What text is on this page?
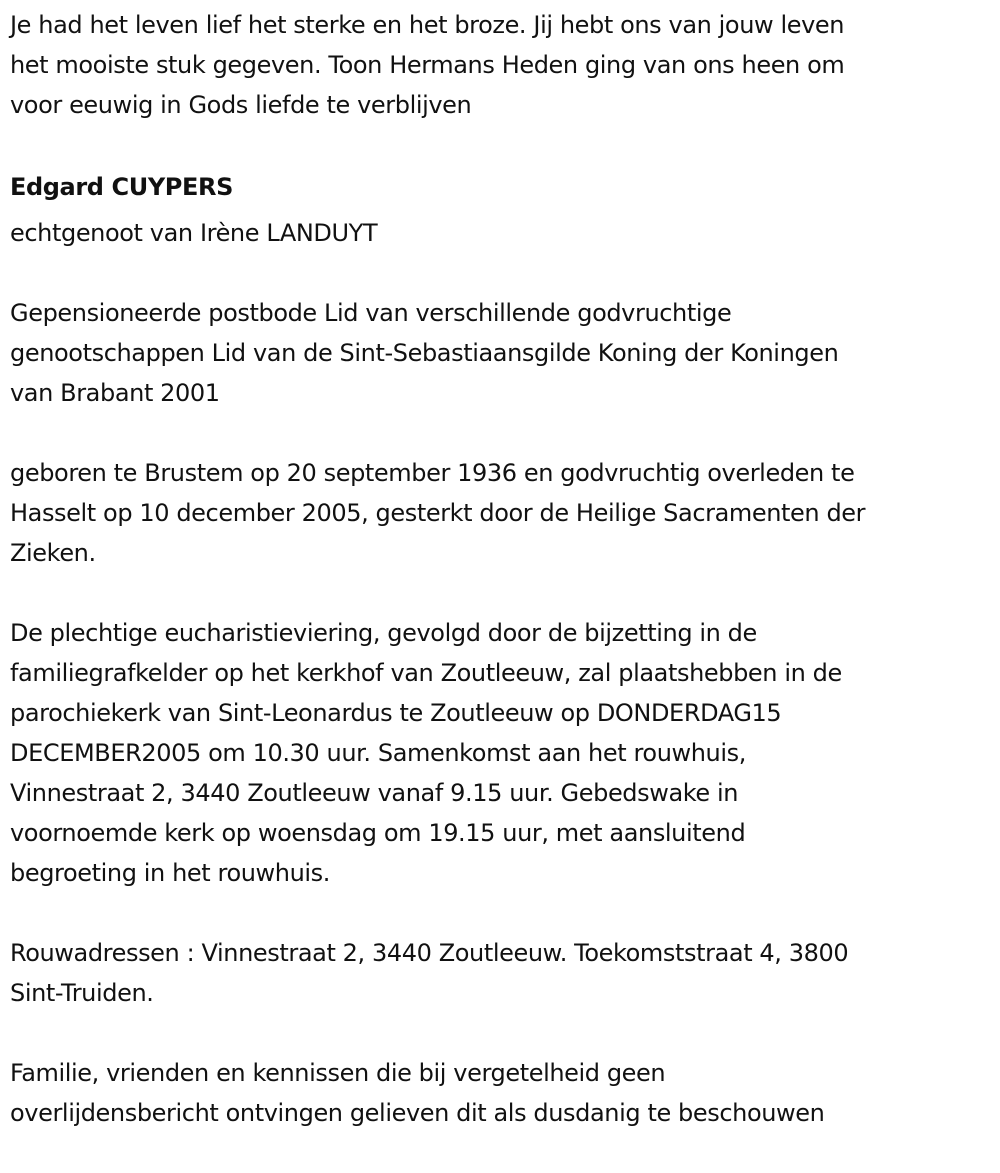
Je had het leven lief het sterke en het broze. Jij hebt ons van jouw leven
het mooiste stuk gegeven. Toon Hermans Heden ging van ons heen om
voor eeuwig in Gods liefde te verblijven
Edgard CUYPERS
echtgenoot van Irène LANDUYT
Gepensioneerde postbode Lid van verschillende godvruchtige
genootschappen Lid van de Sint-Sebastiaansgilde Koning der Koningen
van Brabant 2001
geboren te Brustem op 20 september 1936 en godvruchtig overleden te
Hasselt op 10 december 2005, gesterkt door de Heilige Sacramenten der
Zieken.
De plechtige eucharistieviering, gevolgd door de bijzetting in de
familiegrafkelder op het kerkhof van Zoutleeuw, zal plaatshebben in de
parochiekerk van Sint-Leonardus te Zoutleeuw op DONDERDAG15
DECEMBER2005 om 10.30 uur. Samenkomst aan het rouwhuis,
Vinnestraat 2, 3440 Zoutleeuw vanaf 9.15 uur. Gebedswake in
voornoemde kerk op woensdag om 19.15 uur, met aansluitend
begroeting in het rouwhuis.
Rouwadressen : Vinnestraat 2, 3440 Zoutleeuw. Toekomststraat 4, 3800
Sint-Truiden.
Familie, vrienden en kennissen die bij vergetelheid geen
overlijdensbericht ontvingen gelieven dit als dusdanig te beschouwen
